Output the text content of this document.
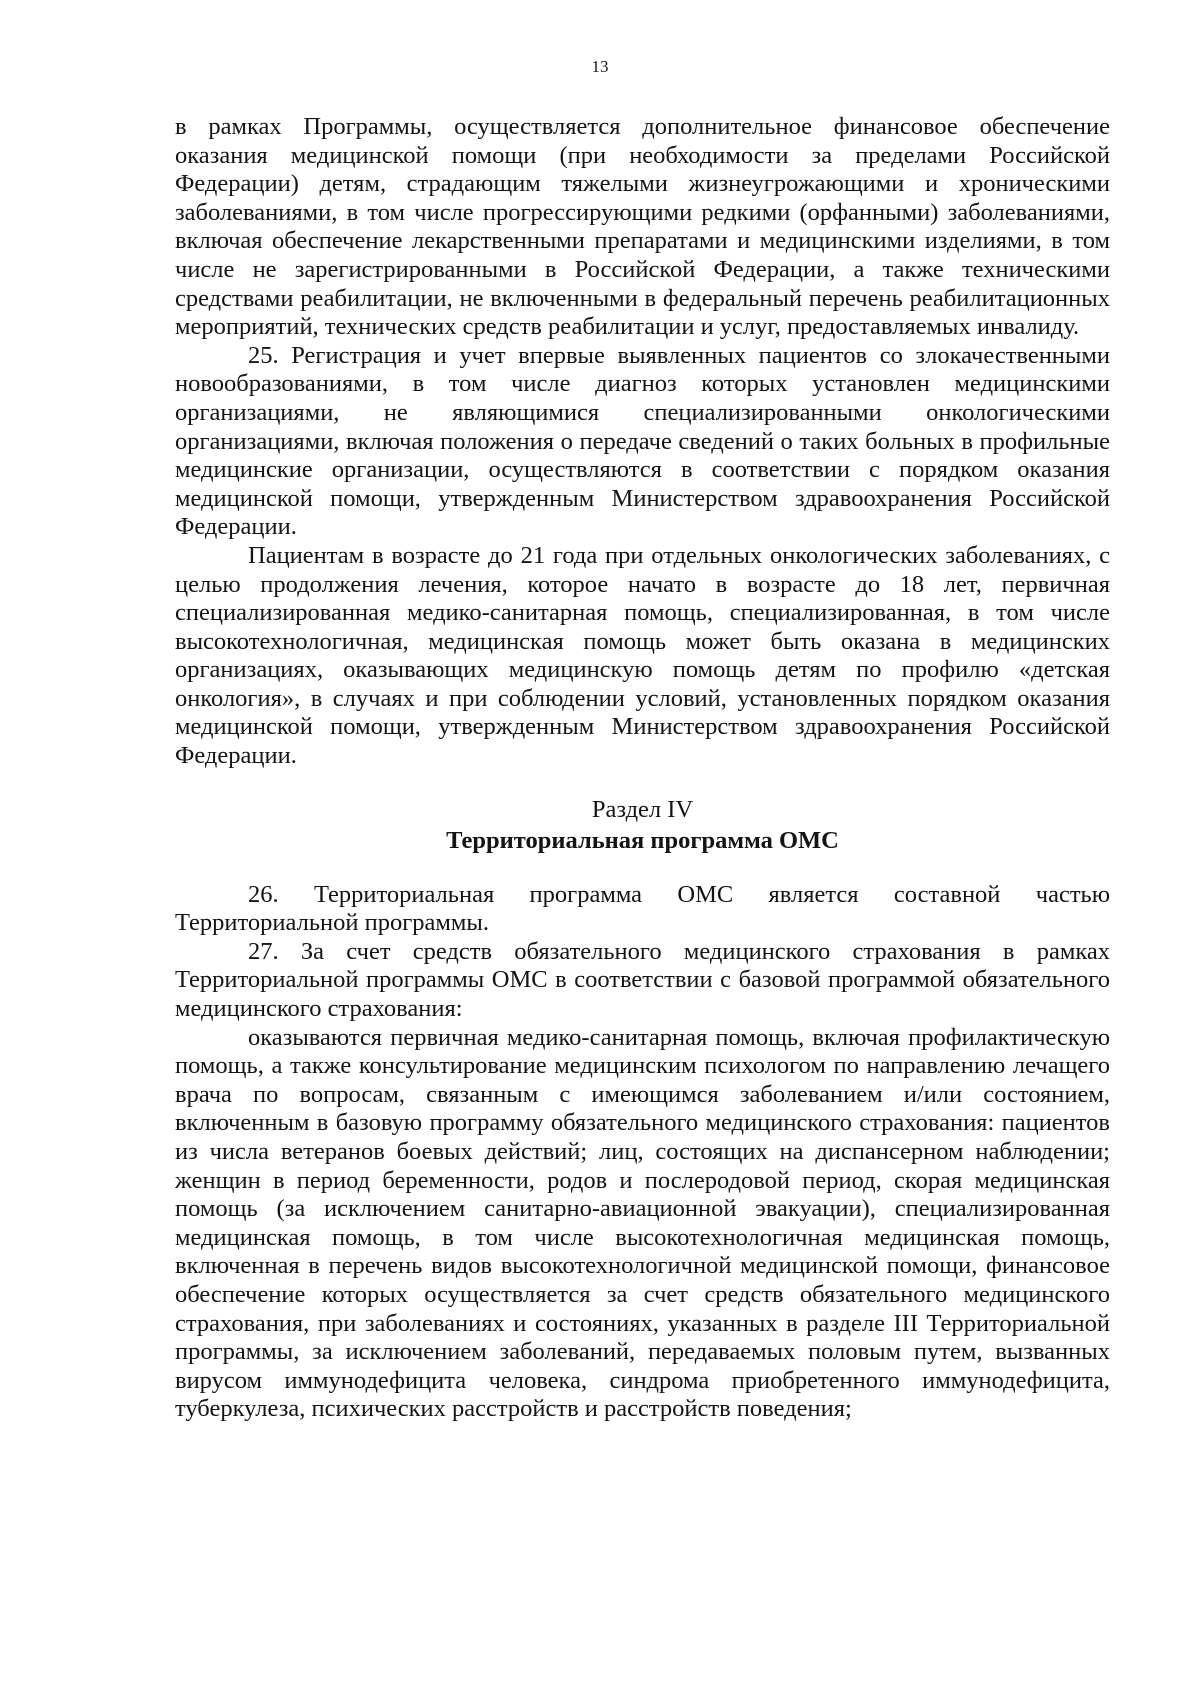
13

в рамках Программы, осуществляется дополнительное финансовое обеспечение оказания медицинской помощи (при необходимости за пределами Российской Федерации) детям, страдающим тяжелыми жизнеугрожающими и хроническими заболеваниями, в том числе прогрессирующими редкими (орфанными) заболеваниями, включая обеспечение лекарственными препаратами и медицинскими изделиями, в том числе не зарегистрированными в Российской Федерации, а также техническими средствами реабилитации, не включенными в федеральный перечень реабилитационных мероприятий, технических средств реабилитации и услуг, предоставляемых инвалиду.

25. Регистрация и учет впервые выявленных пациентов со злокачественными новообразованиями, в том числе диагноз которых установлен медицинскими организациями, не являющимися специализированными онкологическими организациями, включая положения о передаче сведений о таких больных в профильные медицинские организации, осуществляются в соответствии с порядком оказания медицинской помощи, утвержденным Министерством здравоохранения Российской Федерации.

Пациентам в возрасте до 21 года при отдельных онкологических заболеваниях, с целью продолжения лечения, которое начато в возрасте до 18 лет, первичная специализированная медико-санитарная помощь, специализированная, в том числе высокотехнологичная, медицинская помощь может быть оказана в медицинских организациях, оказывающих медицинскую помощь детям по профилю «детская онкология», в случаях и при соблюдении условий, установленных порядком оказания медицинской помощи, утвержденным Министерством здравоохранения Российской Федерации.

Раздел IV
Территориальная программа ОМС

26. Территориальная программа ОМС является составной частью Территориальной программы.

27. За счет средств обязательного медицинского страхования в рамках Территориальной программы ОМС в соответствии с базовой программой обязательного медицинского страхования:

оказываются первичная медико-санитарная помощь, включая профилактическую помощь, а также консультирование медицинским психологом по направлению лечащего врача по вопросам, связанным с имеющимся заболеванием и/или состоянием, включенным в базовую программу обязательного медицинского страхования: пациентов из числа ветеранов боевых действий; лиц, состоящих на диспансерном наблюдении; женщин в период беременности, родов и послеродовой период, скорая медицинская помощь (за исключением санитарно-авиационной эвакуации), специализированная медицинская помощь, в том числе высокотехнологичная медицинская помощь, включенная в перечень видов высокотехнологичной медицинской помощи, финансовое обеспечение которых осуществляется за счет средств обязательного медицинского страхования, при заболеваниях и состояниях, указанных в разделе III Территориальной программы, за исключением заболеваний, передаваемых половым путем, вызванных вирусом иммунодефицита человека, синдрома приобретенного иммунодефицита, туберкулеза, психических расстройств и расстройств поведения;
